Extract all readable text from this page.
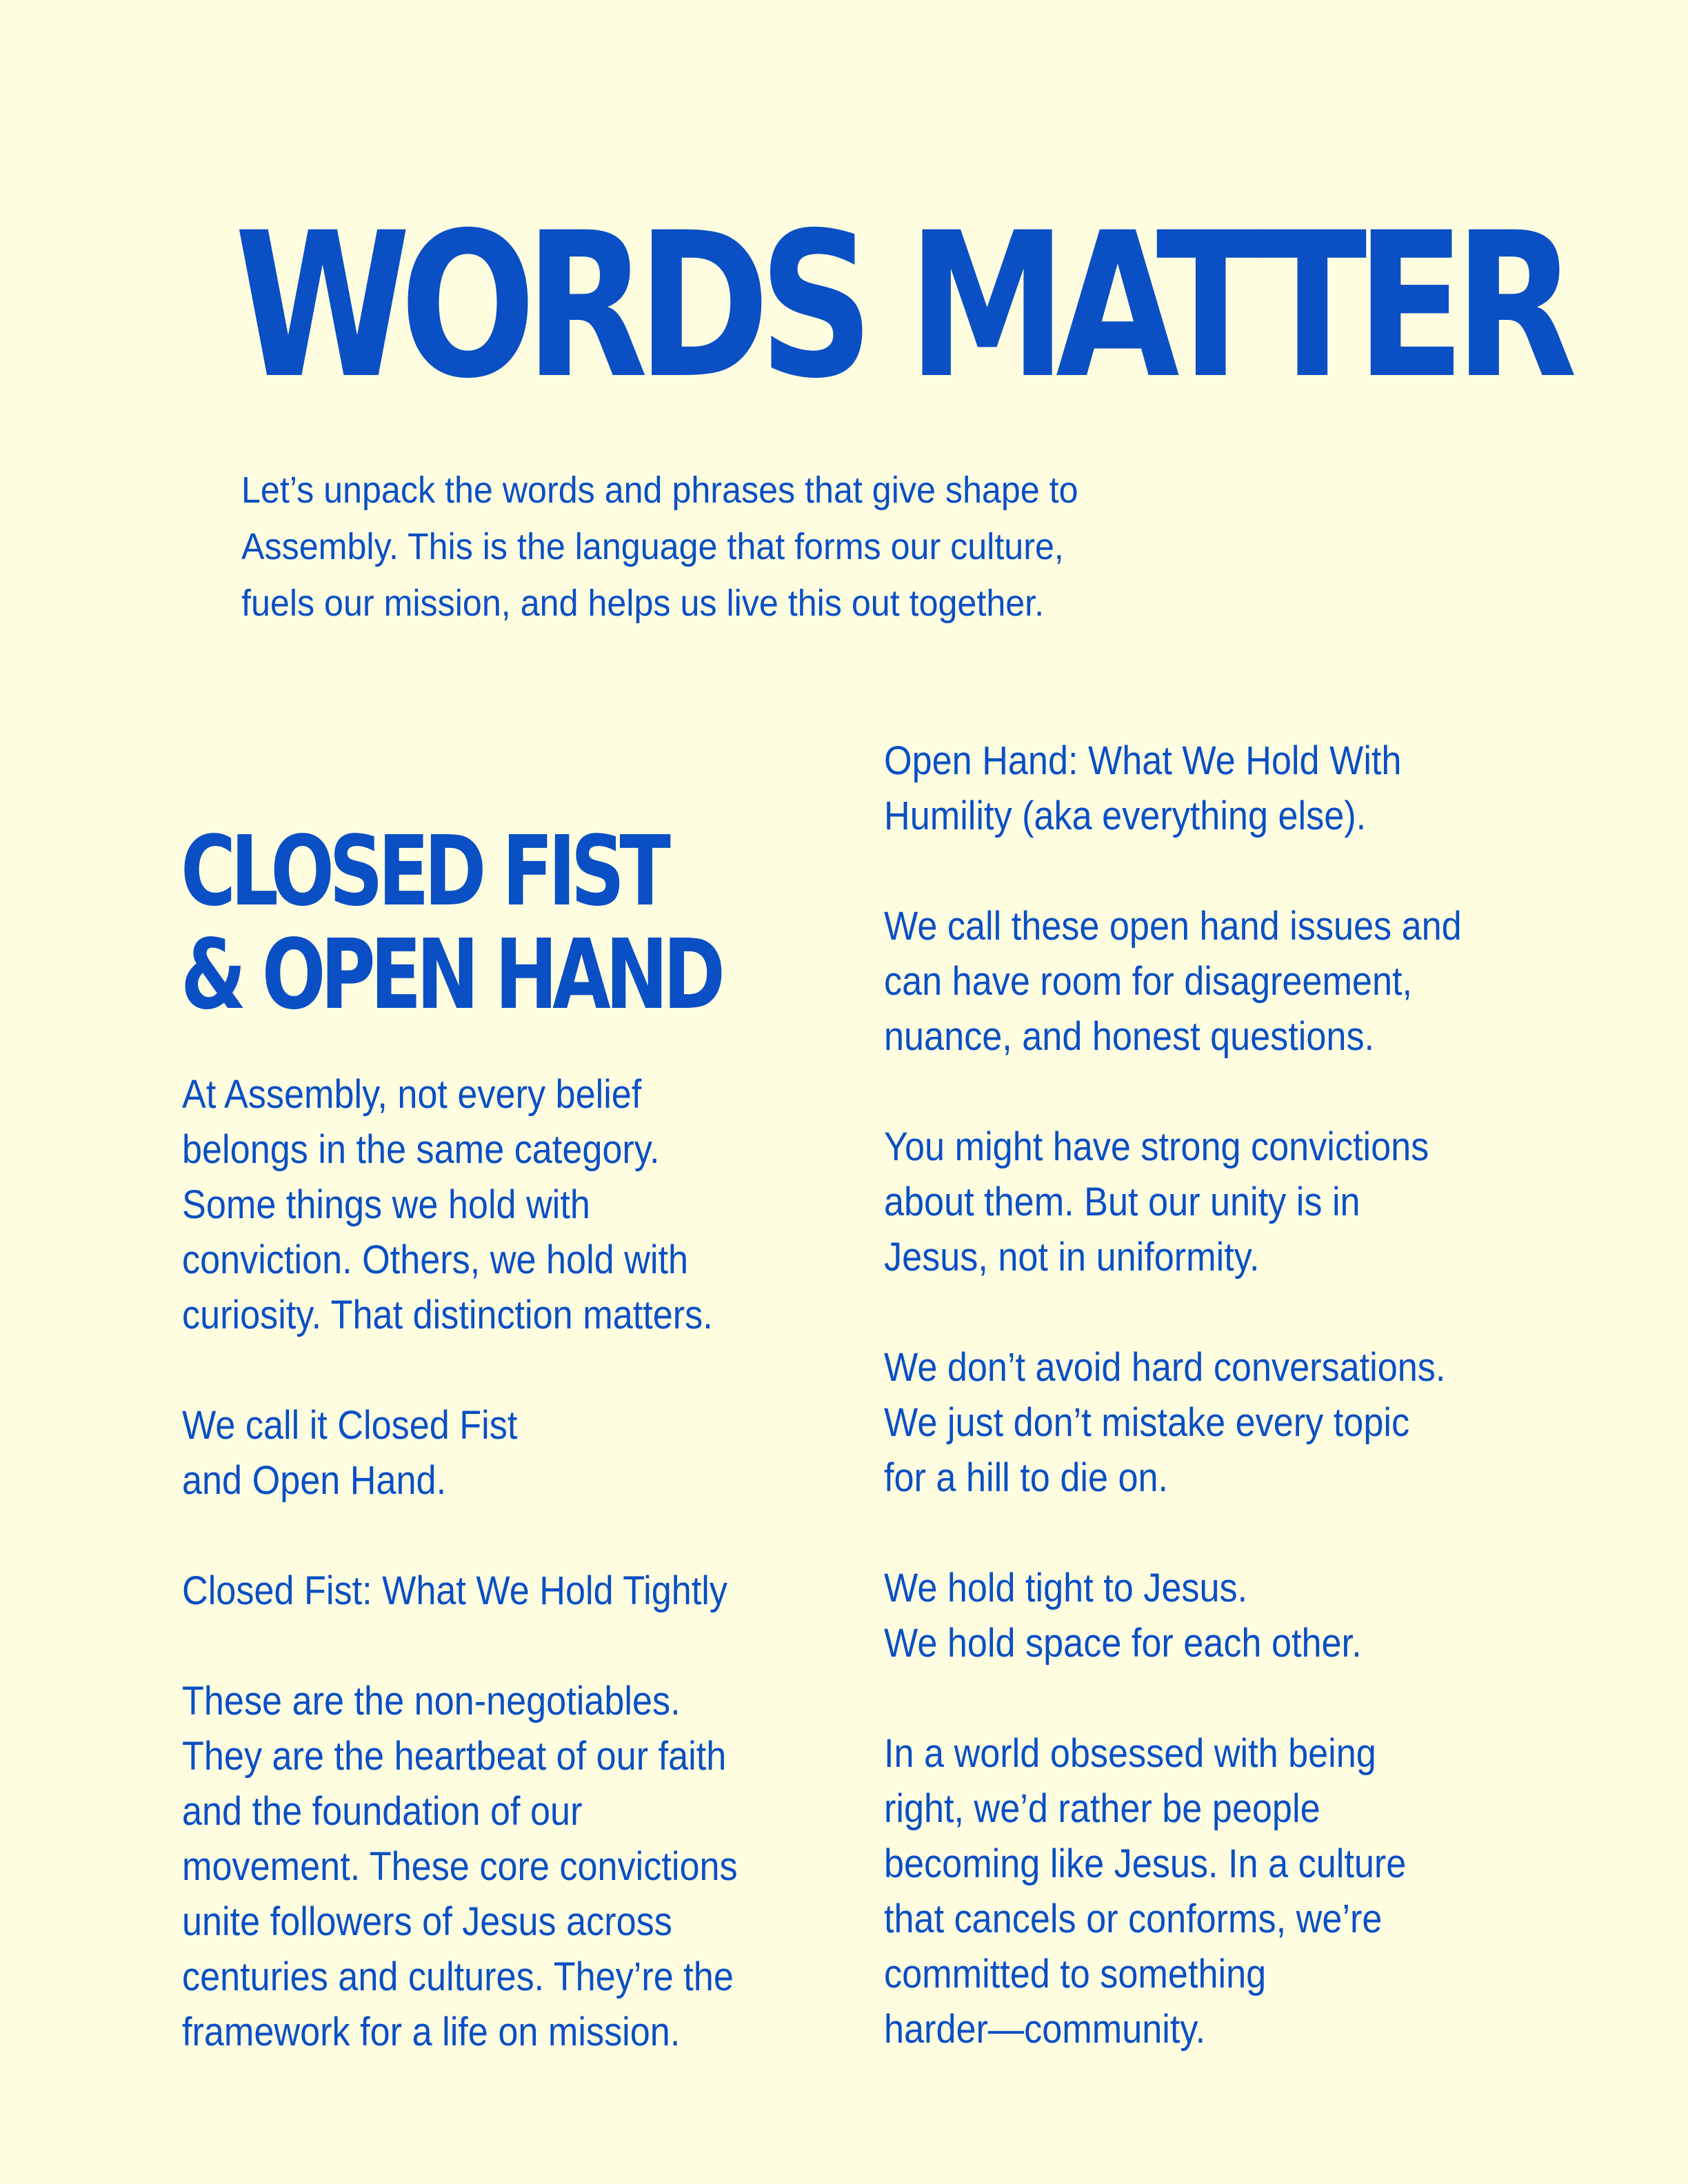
WORDS MATTER

Let’s unpack the words and phrases that give shape to
Assembly. This is the language that forms our culture,
fuels our mission, and helps us live this out together.

CLOSED FIST
& OPEN HAND

At Assembly, not every belief
belongs in the same category.
Some things we hold with
conviction. Others, we hold with
curiosity. That distinction matters.

We call it Closed Fist
and Open Hand.

Closed Fist: What We Hold Tightly

These are the non-negotiables.
They are the heartbeat of our faith
and the foundation of our
movement. These core convictions
unite followers of Jesus across
centuries and cultures. They’re the
framework for a life on mission.

Open Hand: What We Hold With
Humility (aka everything else).

We call these open hand issues and
can have room for disagreement,
nuance, and honest questions.

You might have strong convictions
about them. But our unity is in
Jesus, not in uniformity.

We don’t avoid hard conversations.
We just don’t mistake every topic
for a hill to die on.

We hold tight to Jesus.
We hold space for each other.

In a world obsessed with being
right, we’d rather be people
becoming like Jesus. In a culture
that cancels or conforms, we’re
committed to something
harder—community.
